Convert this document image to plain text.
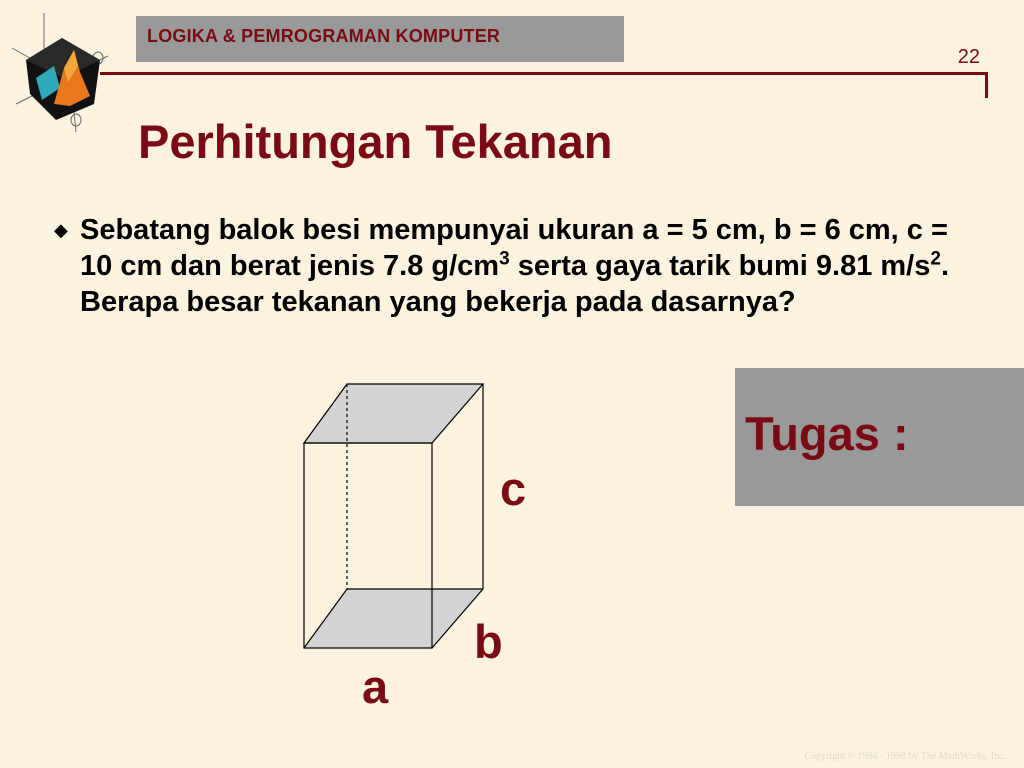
LOGIKA & PEMROGRAMAN KOMPUTER
22
Perhitungan Tekanan
◆ Sebatang balok besi mempunyai ukuran a = 5 cm, b = 6 cm, c = 10 cm dan berat jenis 7.8 $g/cm^3$ serta gaya tarik bumi 9.81 $m/s^2$. Berapa besar tekanan yang bekerja pada dasarnya?
c
b
a
Tugas :
Copyright © 1984 - 1998 by The MathWorks, Inc.
